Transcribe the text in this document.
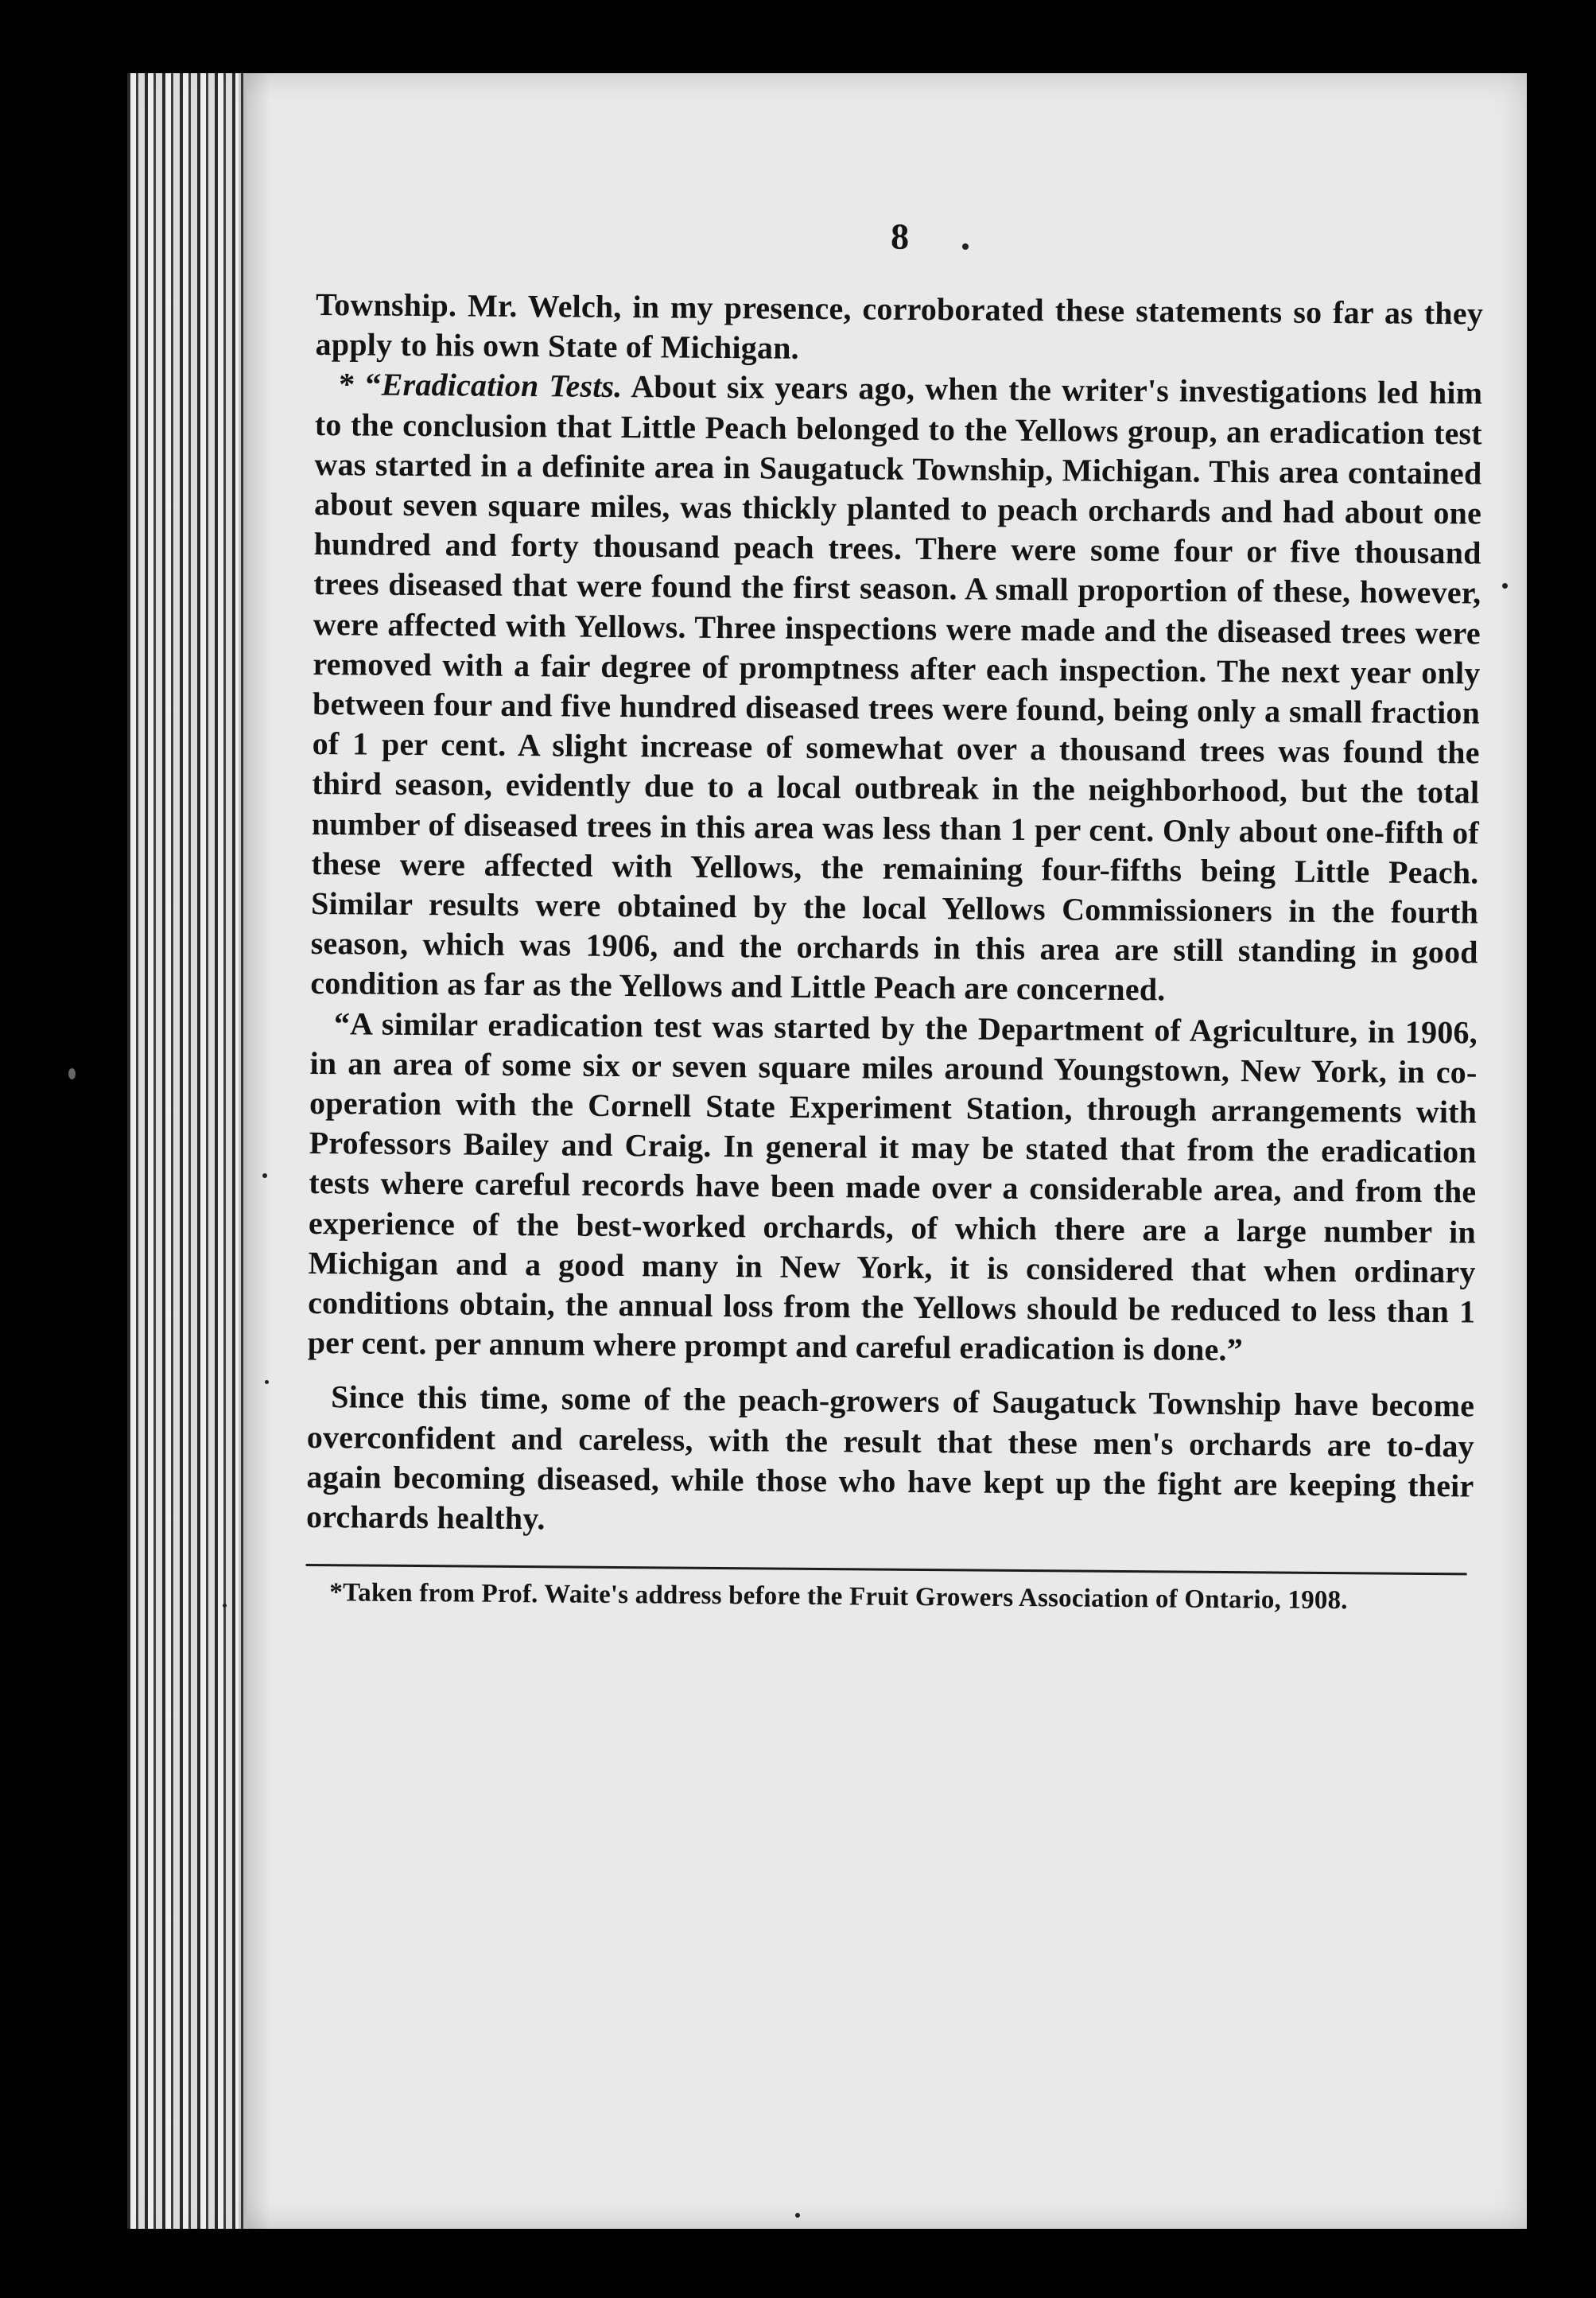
8

Township. Mr. Welch, in my presence, corroborated these statements so far as they apply to his own State of Michigan.

* “Eradication Tests. About six years ago, when the writer's investigations led him to the conclusion that Little Peach belonged to the Yellows group, an eradication test was started in a definite area in Saugatuck Township, Michigan. This area contained about seven square miles, was thickly planted to peach orchards and had about one hundred and forty thousand peach trees. There were some four or five thousand trees diseased that were found the first season. A small proportion of these, however, were affected with Yellows. Three inspections were made and the diseased trees were removed with a fair degree of promptness after each inspection. The next year only between four and five hundred diseased trees were found, being only a small fraction of 1 per cent. A slight increase of somewhat over a thousand trees was found the third season, evidently due to a local outbreak in the neighborhood, but the total number of diseased trees in this area was less than 1 per cent. Only about one-fifth of these were affected with Yellows, the remaining four-fifths being Little Peach. Similar results were obtained by the local Yellows Commissioners in the fourth season, which was 1906, and the orchards in this area are still standing in good condition as far as the Yellows and Little Peach are concerned.

“A similar eradication test was started by the Department of Agriculture, in 1906, in an area of some six or seven square miles around Youngstown, New York, in co-operation with the Cornell State Experiment Station, through arrangements with Professors Bailey and Craig. In general it may be stated that from the eradication tests where careful records have been made over a considerable area, and from the experience of the best-worked orchards, of which there are a large number in Michigan and a good many in New York, it is considered that when ordinary conditions obtain, the annual loss from the Yellows should be reduced to less than 1 per cent. per annum where prompt and careful eradication is done.”

Since this time, some of the peach-growers of Saugatuck Township have become overconfident and careless, with the result that these men's orchards are to-day again becoming diseased, while those who have kept up the fight are keeping their orchards healthy.

*Taken from Prof. Waite's address before the Fruit Growers Association of Ontario, 1908.
